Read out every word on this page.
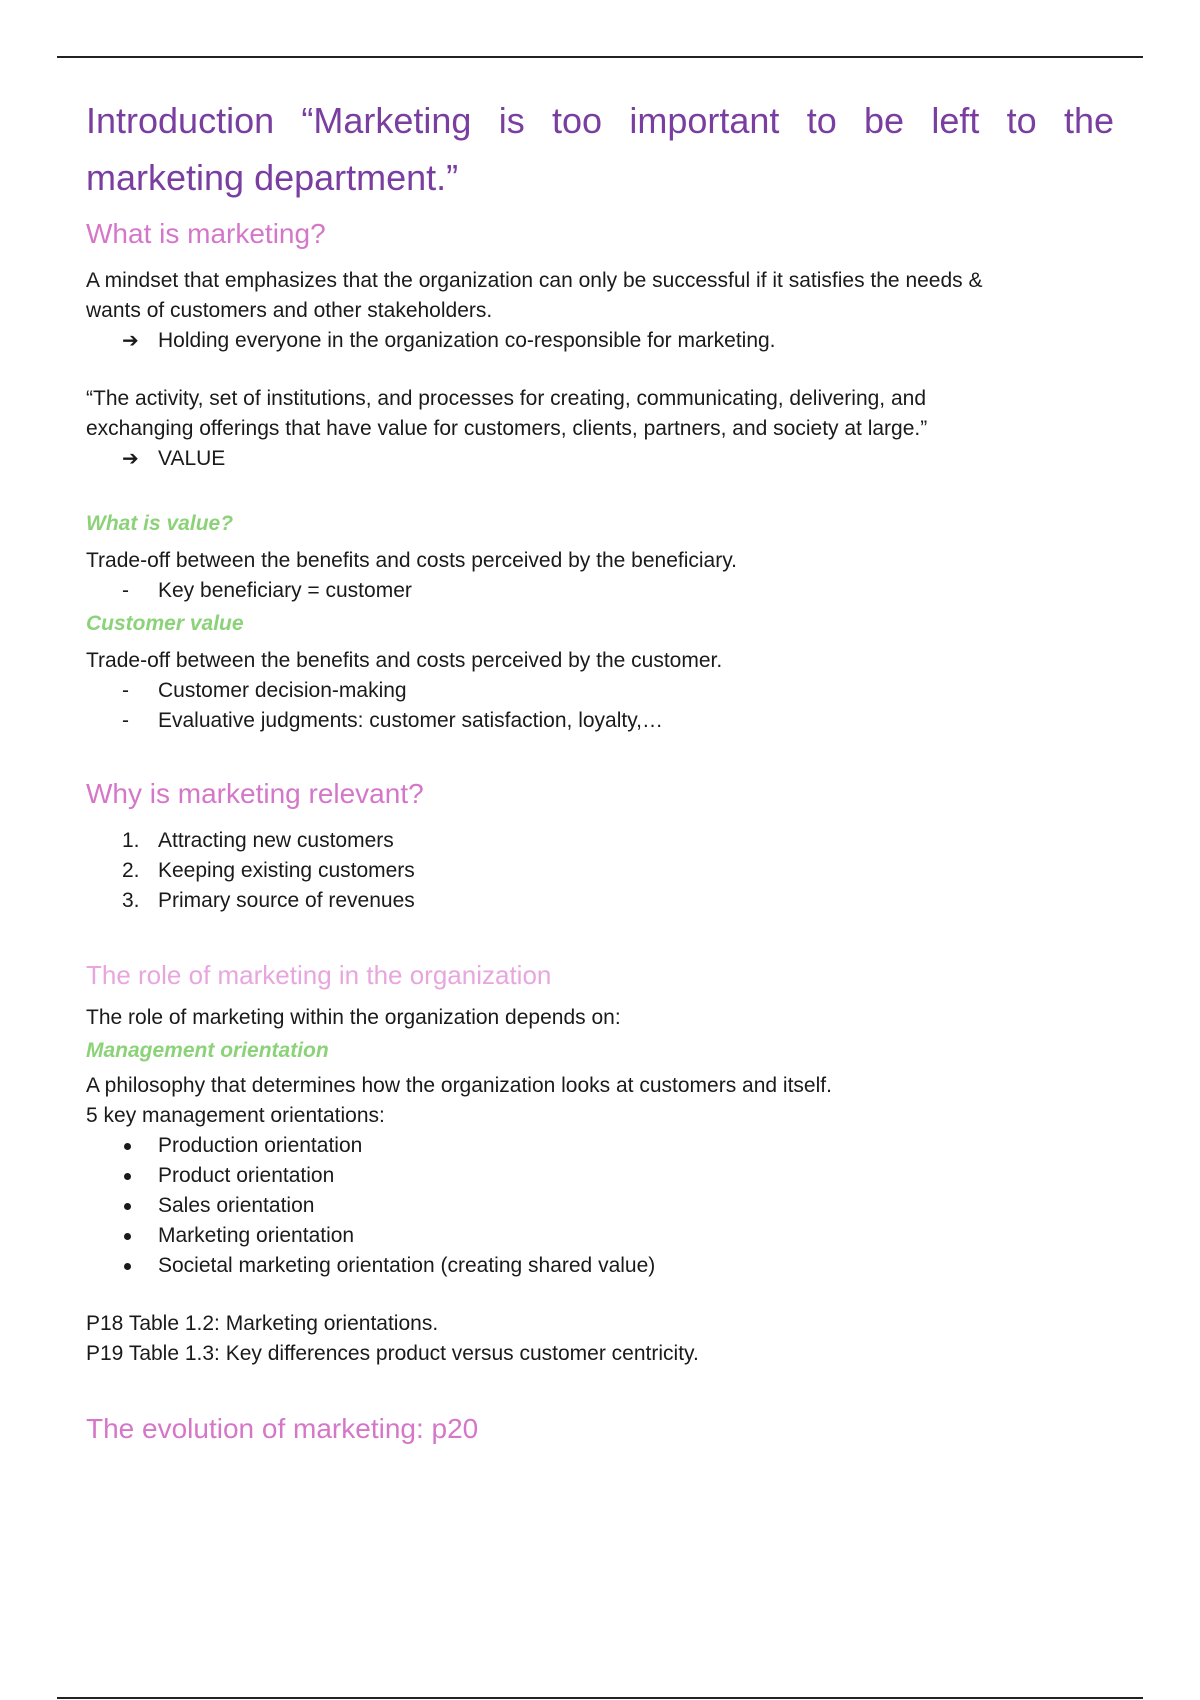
Introduction “Marketing is too important to be left to the
marketing department.”
What is marketing?

A mindset that emphasizes that the organization can only be successful if it satisfies the needs &

wants of customers and other stakeholders.

➔ Holding everyone in the organization co-responsible for marketing.

“The activity, set of institutions, and processes for creating, communicating, delivering, and

exchanging offerings that have value for customers, clients, partners, and society at large.”

➔ VALUE

What is value?

Trade-off between the benefits and costs perceived by the beneficiary.

-	Key beneficiary = customer
Customer value

Trade-off between the benefits and costs perceived by the customer.

-	Customer decision-making
-	Evaluative judgments: customer satisfaction, loyalty,…
Why is marketing relevant?
1. Attracting new customers
2. Keeping existing customers
3. Primary source of revenues
The role of marketing in the organization

The role of marketing within the organization depends on:

Management orientation

A philosophy that determines how the organization looks at customers and itself.

5 key management orientations:

Production orientation
Product orientation
Sales orientation
Marketing orientation
Societal marketing orientation (creating shared value)

P18 Table 1.2: Marketing orientations.

P19 Table 1.3: Key differences product versus customer centricity.

The evolution of marketing: p20
